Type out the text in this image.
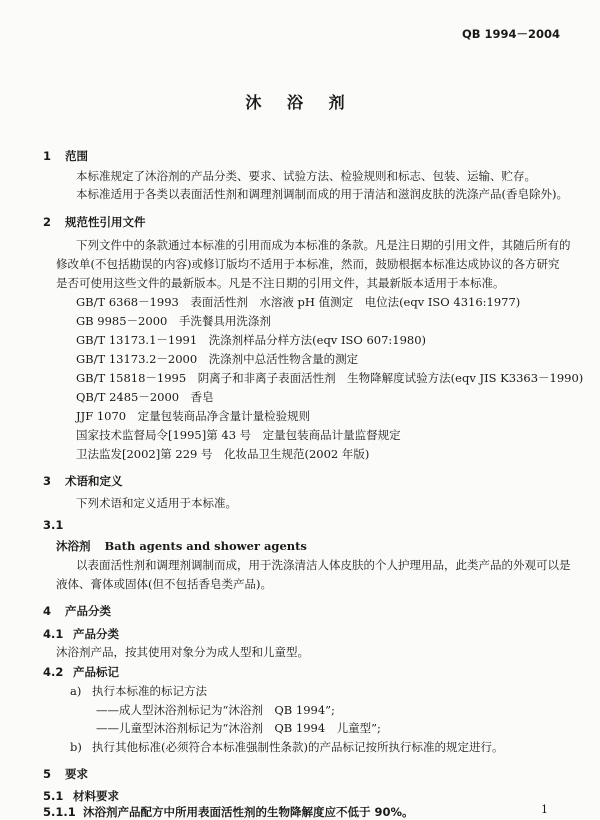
QB 1994－2004
沐 浴 剂
1 范围
本标准规定了沐浴剂的产品分类、要求、试验方法、检验规则和标志、包装、运输、贮存。
本标准适用于各类以表面活性剂和调理剂调制而成的用于清洁和滋润皮肤的洗涤产品(香皂除外)。
2 规范性引用文件
下列文件中的条款通过本标准的引用而成为本标准的条款。凡是注日期的引用文件，其随后所有的
修改单(不包括勘误的内容)或修订版均不适用于本标准，然而，鼓励根据本标准达成协议的各方研究
是否可使用这些文件的最新版本。凡是不注日期的引用文件，其最新版本适用于本标准。
GB/T 6368－1993　表面活性剂　水溶液 pH 值测定　电位法(eqv ISO 4316:1977)
GB 9985－2000　手洗餐具用洗涤剂
GB/T 13173.1－1991　洗涤剂样品分样方法(eqv ISO 607:1980)
GB/T 13173.2－2000　洗涤剂中总活性物含量的测定
GB/T 15818－1995　阴离子和非离子表面活性剂　生物降解度试验方法(eqv JIS K3363－1990)
QB/T 2485－2000　香皂
JJF 1070　定量包装商品净含量计量检验规则
国家技术监督局令[1995]第 43 号　定量包装商品计量监督规定
卫法监发[2002]第 229 号　化妆品卫生规范(2002 年版)
3 术语和定义
下列术语和定义适用于本标准。
3.1
沐浴剂 Bath agents and shower agents
以表面活性剂和调理剂调制而成，用于洗涤清洁人体皮肤的个人护理用品，此类产品的外观可以是
液体、膏体或固体(但不包括香皂类产品)。
4 产品分类
4.1 产品分类
沐浴剂产品，按其使用对象分为成人型和儿童型。
4.2 产品标记
a) 执行本标准的标记方法
——成人型沐浴剂标记为“沐浴剂　QB 1994”;
——儿童型沐浴剂标记为“沐浴剂　QB 1994　儿童型”;
b) 执行其他标准(必须符合本标准强制性条款)的产品标记按所执行标准的规定进行。
5 要求
5.1 材料要求
5.1.1 沐浴剂产品配方中所用表面活性剂的生物降解度应不低于 90%。	1
